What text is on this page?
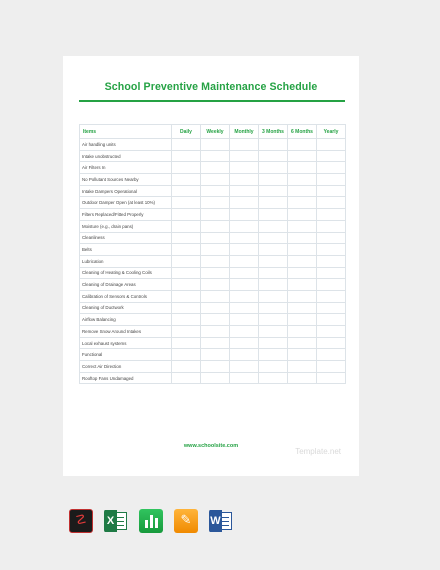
School Preventive Maintenance Schedule
Items	Daily	Weekly	Monthly	3 Months	6 Months	Yearly
Air handling units						
Intake unobstructed						
Air Filters In						
No Pollutant Sources Nearby						
Intake Dampers Operational						
Outdoor Damper Open (at least 10%)						
Filters Replaced/Fitted Properly						
Moisture (e.g., drain pans)						
Cleanliness						
Belts						
Lubrication						
Cleaning of Heating & Cooling Coils						
Cleaning of Drainage Areas						
Calibration of Sensors & Controls						
Cleaning of Ductwork						
Airflow Balancing						
Remove Snow Around Intakes						
Local exhaust systems						
Functional						
Correct Air Direction						
Rooftop Fans Undamaged						
www.schoolsite.com
Template.net
☡	X	✎	W
